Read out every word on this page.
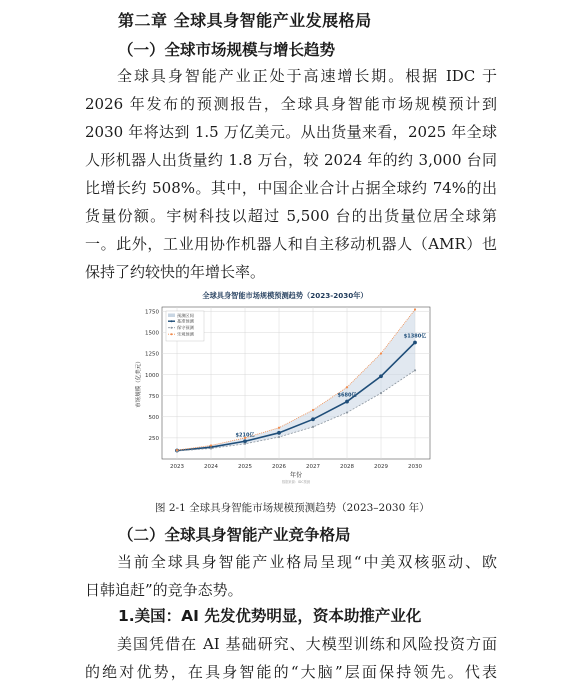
第二章 全球具身智能产业发展格局
（一）全球市场规模与增长趋势
全球具身智能产业正处于高速增长期。根据 IDC 于
2026 年发布的预测报告，全球具身智能市场规模预计到
2030 年将达到 1.5 万亿美元。从出货量来看，2025 年全球
人形机器人出货量约 1.8 万台，较 2024 年的约 3,000 台同
比增长约 508%。其中，中国企业合计占据全球约 74%的出
货量份额。宇树科技以超过 5,500 台的出货量位居全球第
一。此外，工业用协作机器人和自主移动机器人（AMR）也
保持了约较快的年增长率。
全球具身智能市场规模预测趋势（2023-2030年）
250
500
750
1000
1250
1500
1750
2023	2024	2025	2026	2027	2028	2029	2030
年份
市场规模（亿美元）
数据来源：IDC预测
$210亿
$680亿
$1380亿
预测区间
基准预测
保守预测
乐观预测
图 2-1 全球具身智能市场规模预测趋势（2023–2030 年）
（二）全球具身智能产业竞争格局
当前全球具身智能产业格局呈现“中美双核驱动、欧
日韩追赶”的竞争态势。
1.美国：AI 先发优势明显，资本助推产业化
美国凭借在 AI 基础研究、大模型训练和风险投资方面
的绝对优势，在具身智能的“大脑”层面保持领先。代表
